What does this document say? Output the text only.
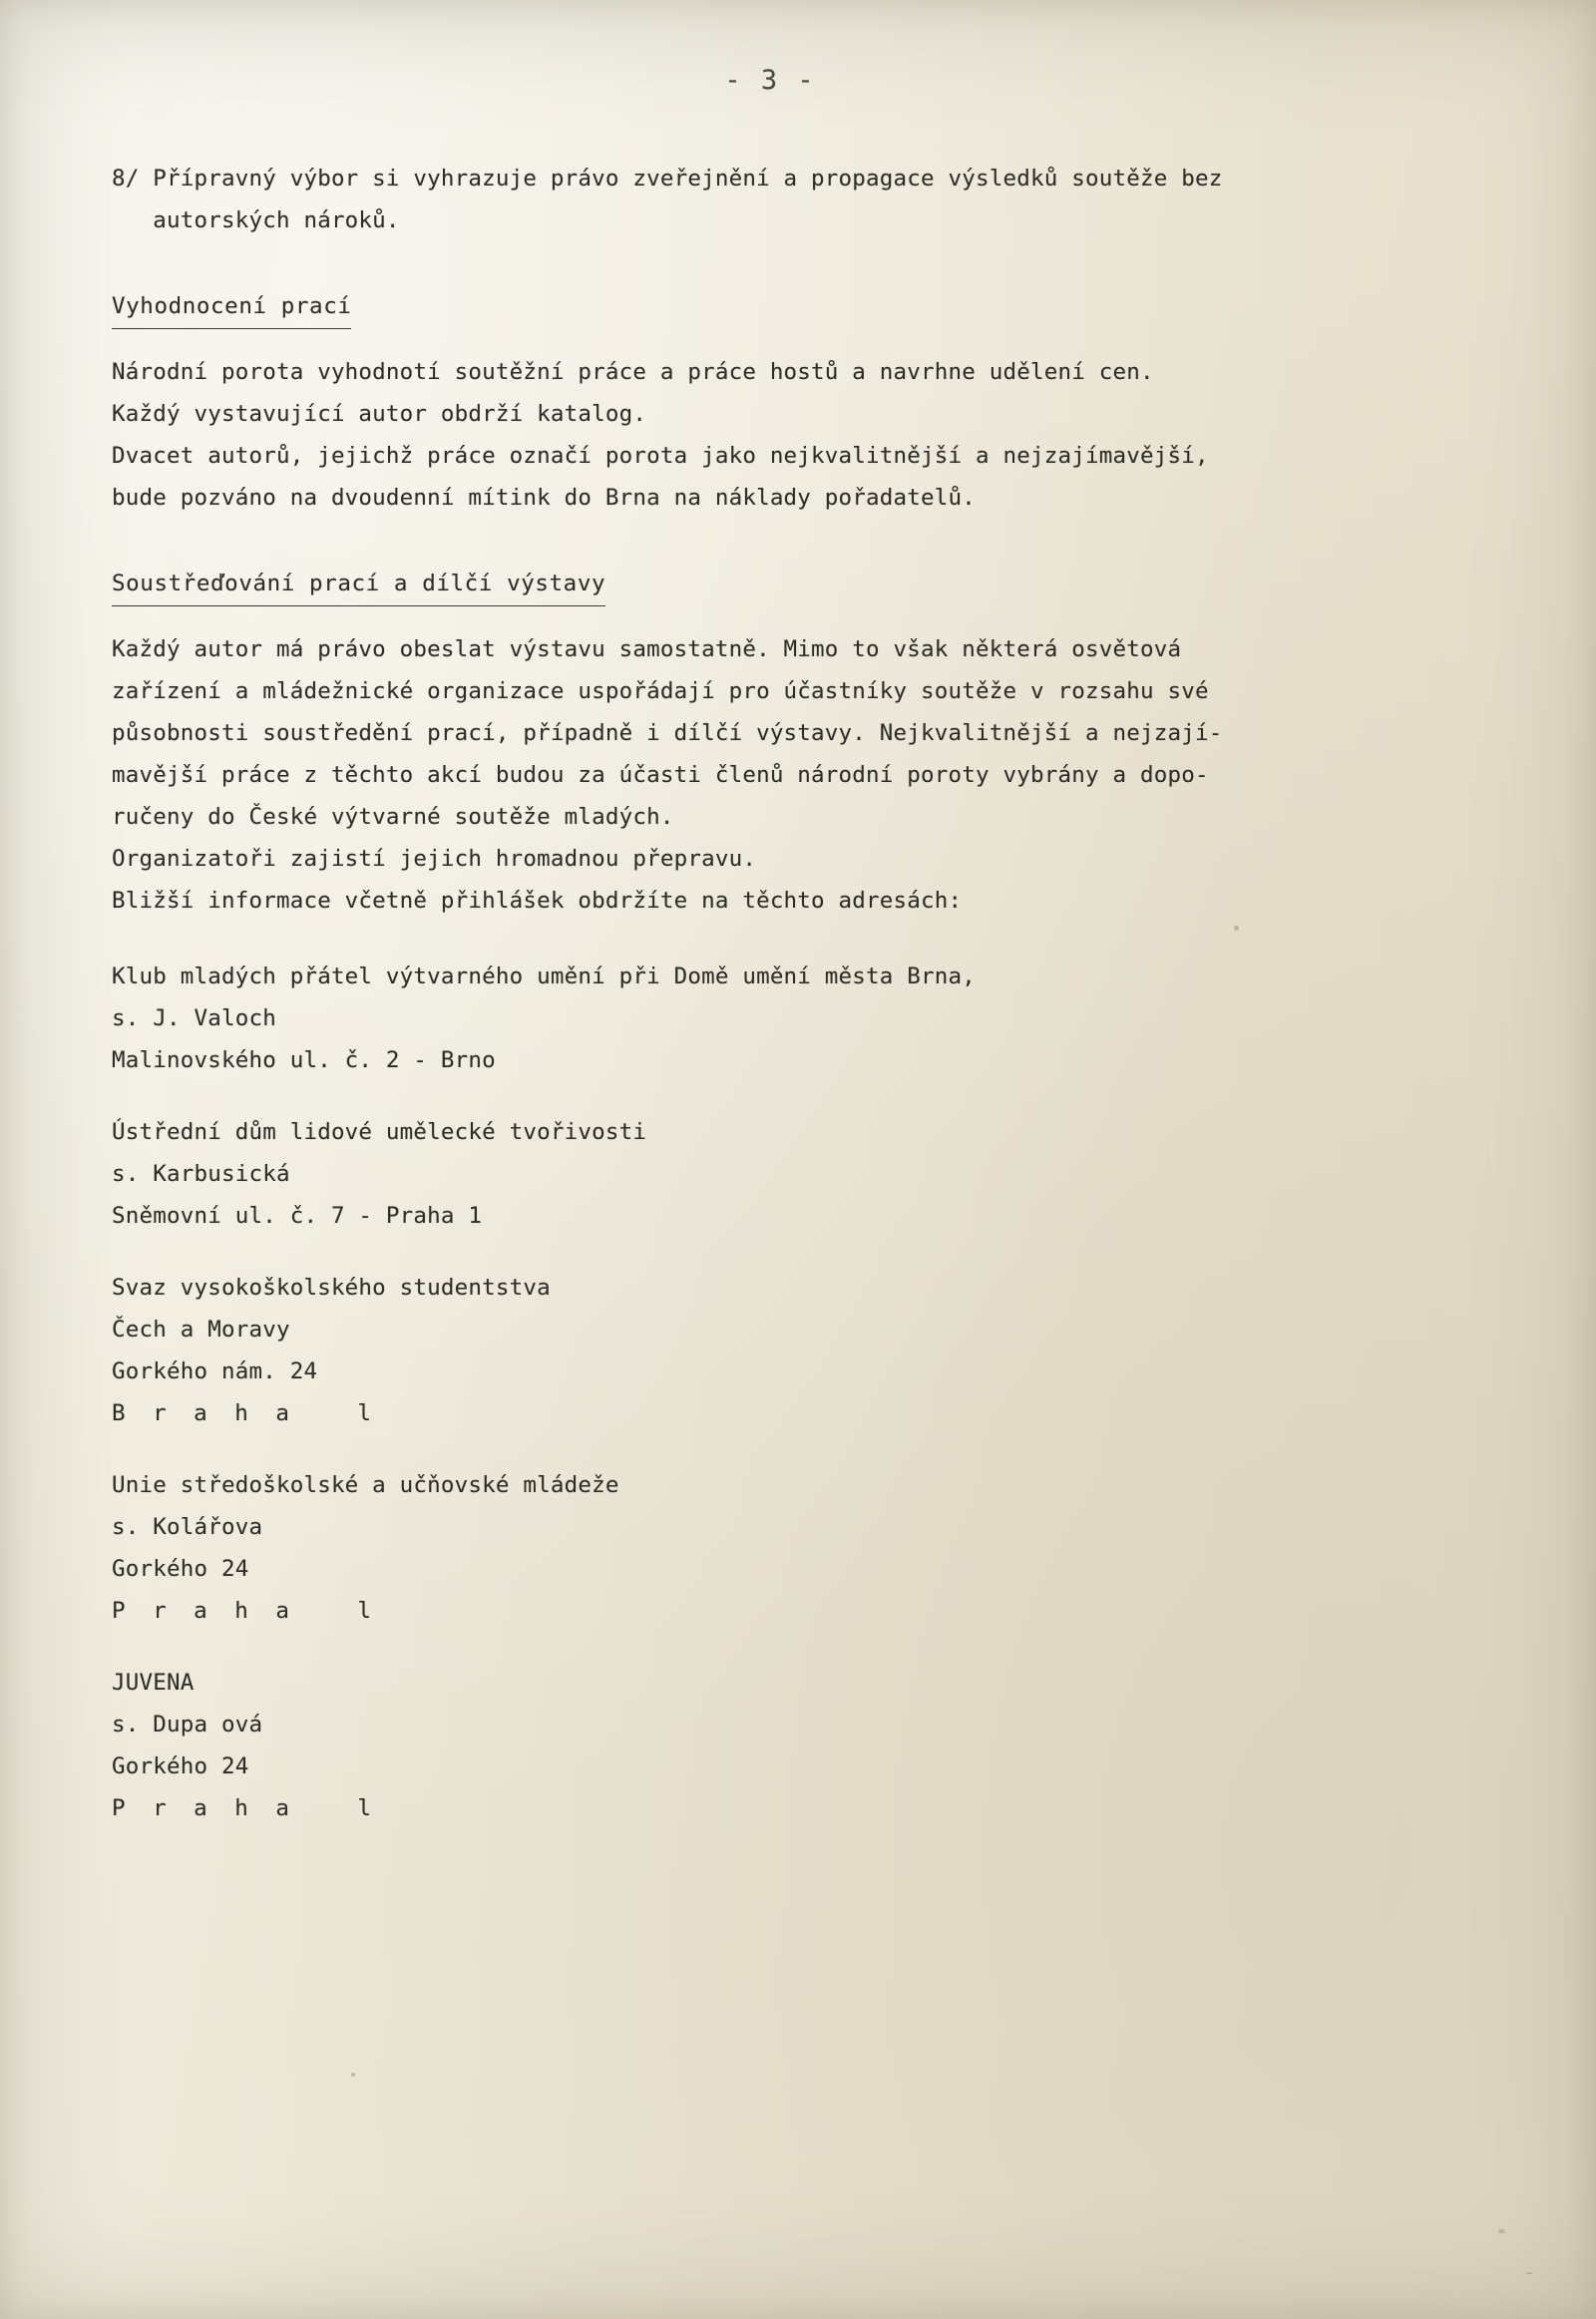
- 3 -
8/ Přípravný výbor si vyhrazuje právo zveřejnění a propagace výsledků soutěže bez
autorských nároků.
Vyhodnocení prací
Národní porota vyhodnotí soutěžní práce a práce hostů a navrhne udělení cen.
Každý vystavující autor obdrží katalog.
Dvacet autorů, jejichž práce označí porota jako nejkvalitnější a nejzajímavější,
bude pozváno na dvoudenní mítink do Brna na náklady pořadatelů.
Soustřeďování prací a dílčí výstavy
Každý autor má právo obeslat výstavu samostatně. Mimo to však některá osvětová
zařízení a mládežnické organizace uspořádají pro účastníky soutěže v rozsahu své
působnosti soustředění prací, případně i dílčí výstavy. Nejkvalitnější a nejzají-
mavější práce z těchto akcí budou za účasti členů národní poroty vybrány a dopo-
ručeny do České výtvarné soutěže mladých.
Organizatoři zajistí jejich hromadnou přepravu.
Bližší informace včetně přihlášek obdržíte na těchto adresách:
Klub mladých přátel výtvarného umění při Domě umění města Brna,
s. J. Valoch
Malinovského ul. č. 2 - Brno
Ústřední dům lidové umělecké tvořivosti
s. Karbusická
Sněmovní ul. č. 7 - Praha 1
Svaz vysokoškolského studentstva
Čech a Moravy
Gorkého nám. 24
B r a h a   l
Unie středoškolské a učňovské mládeže
s. Kolářova
Gorkého 24
P r a h a   l
JUVENA
s. Dupa ová
Gorkého 24
P r a h a   l
⁼
⁻
